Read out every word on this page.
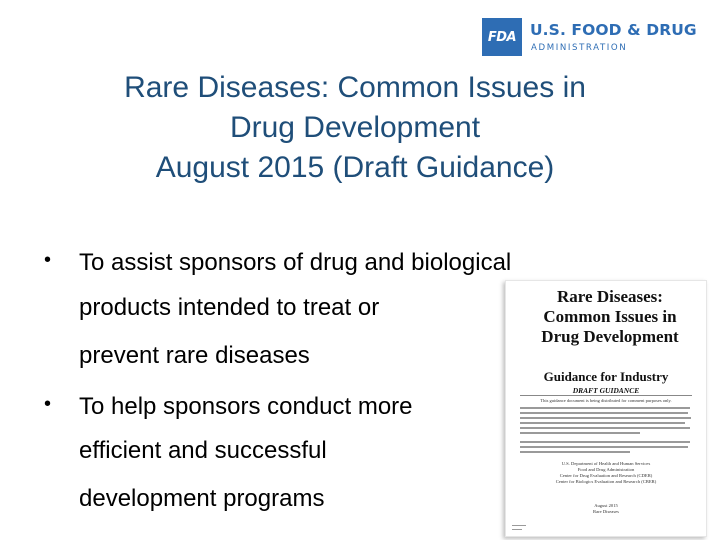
FDA U.S. FOOD & DRUG
ADMINISTRATION
Rare Diseases: Common Issues in
Drug Development
August 2015 (Draft Guidance)
• To assist sponsors of drug and biological
products intended to treat or
prevent rare diseases
• To help sponsors conduct more
efficient and successful
development programs
Rare Diseases:
Common Issues in
Drug Development
Guidance for Industry
DRAFT GUIDANCE
This guidance document is being distributed for comment purposes only.
U.S. Department of Health and Human Services
Food and Drug Administration
Center for Drug Evaluation and Research (CDER)
Center for Biologics Evaluation and Research (CBER)
August 2015
Rare Diseases
